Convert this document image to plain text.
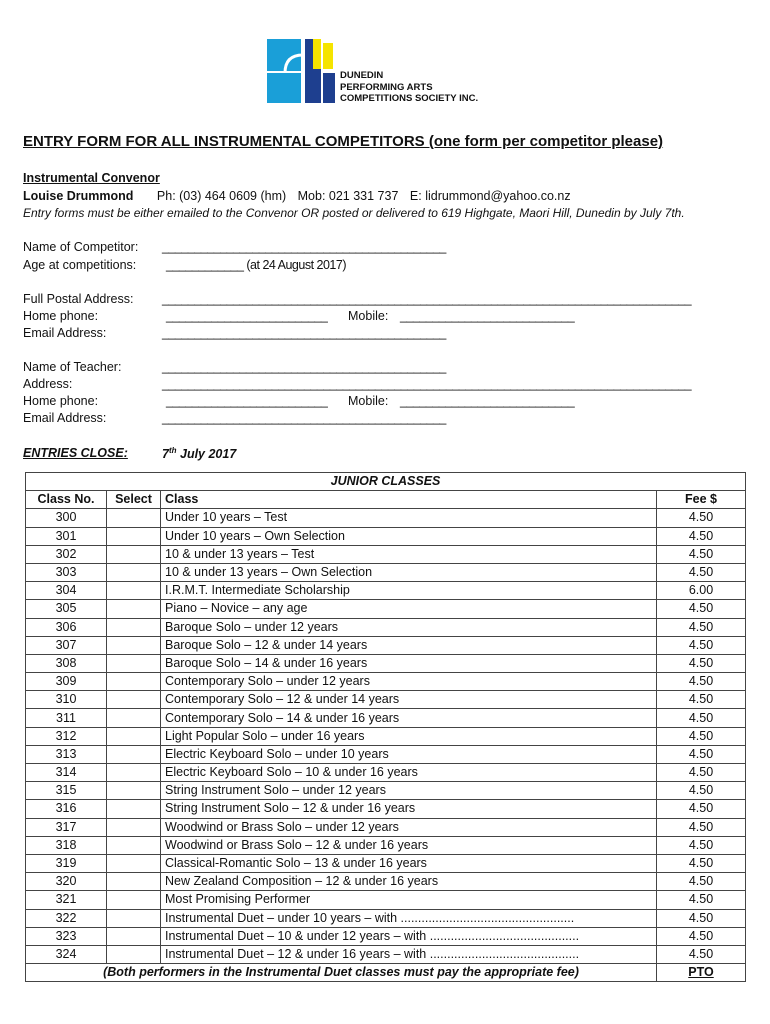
DUNEDIN
PERFORMING ARTS
COMPETITIONS SOCIETY INC.
ENTRY FORM FOR ALL INSTRUMENTAL COMPETITORS (one form per competitor please)
Instrumental Convenor
Louise Drummond Ph: (03) 464 0609 (hm) Mob: 021 331 737 E: lidrummond@yahoo.co.nz
Entry forms must be either emailed to the Convenor OR posted or delivered to 619 Highgate, Maori Hill, Dunedin by July 7th.
Name of Competitor: ____________________________________________
Age at competitions: ____________ (at 24 August 2017)
Full Postal Address: __________________________________________________________________________________
Home phone:	_________________________ Mobile: ___________________________
Email Address:	____________________________________________
Name of Teacher:	____________________________________________
Address:	__________________________________________________________________________________
Home phone:	_________________________ Mobile: ___________________________
Email Address:	____________________________________________
ENTRIES CLOSE:	7th July 2017
JUNIOR CLASSES			
Class No.	Select	Class	Fee $
300		Under 10 years – Test	4.50
301		Under 10 years – Own Selection	4.50
302		10 & under 13 years – Test	4.50
303		10 & under 13 years – Own Selection	4.50
304		I.R.M.T. Intermediate Scholarship	6.00
305		Piano – Novice – any age	4.50
306		Baroque Solo – under 12 years	4.50
307		Baroque Solo – 12 & under 14 years	4.50
308		Baroque Solo – 14 & under 16 years	4.50
309		Contemporary Solo – under 12 years	4.50
310		Contemporary Solo – 12 & under 14 years	4.50
311		Contemporary Solo – 14 & under 16 years	4.50
312		Light Popular Solo – under 16 years	4.50
313		Electric Keyboard Solo – under 10 years	4.50
314		Electric Keyboard Solo – 10 & under 16 years	4.50
315		String Instrument Solo – under 12 years	4.50
316		String Instrument Solo – 12 & under 16 years	4.50
317		Woodwind or Brass Solo – under 12 years	4.50
318		Woodwind or Brass Solo – 12 & under 16 years	4.50
319		Classical-Romantic Solo – 13 & under 16 years	4.50
320		New Zealand Composition – 12 & under 16 years	4.50
321		Most Promising Performer	4.50
322		Instrumental Duet – under 10 years – with ..................................................	4.50
323		Instrumental Duet – 10 & under 12 years – with ...........................................	4.50
324		Instrumental Duet – 12 & under 16 years – with ...........................................	4.50
(Both performers in the Instrumental Duet classes must pay the appropriate fee)			PTO
